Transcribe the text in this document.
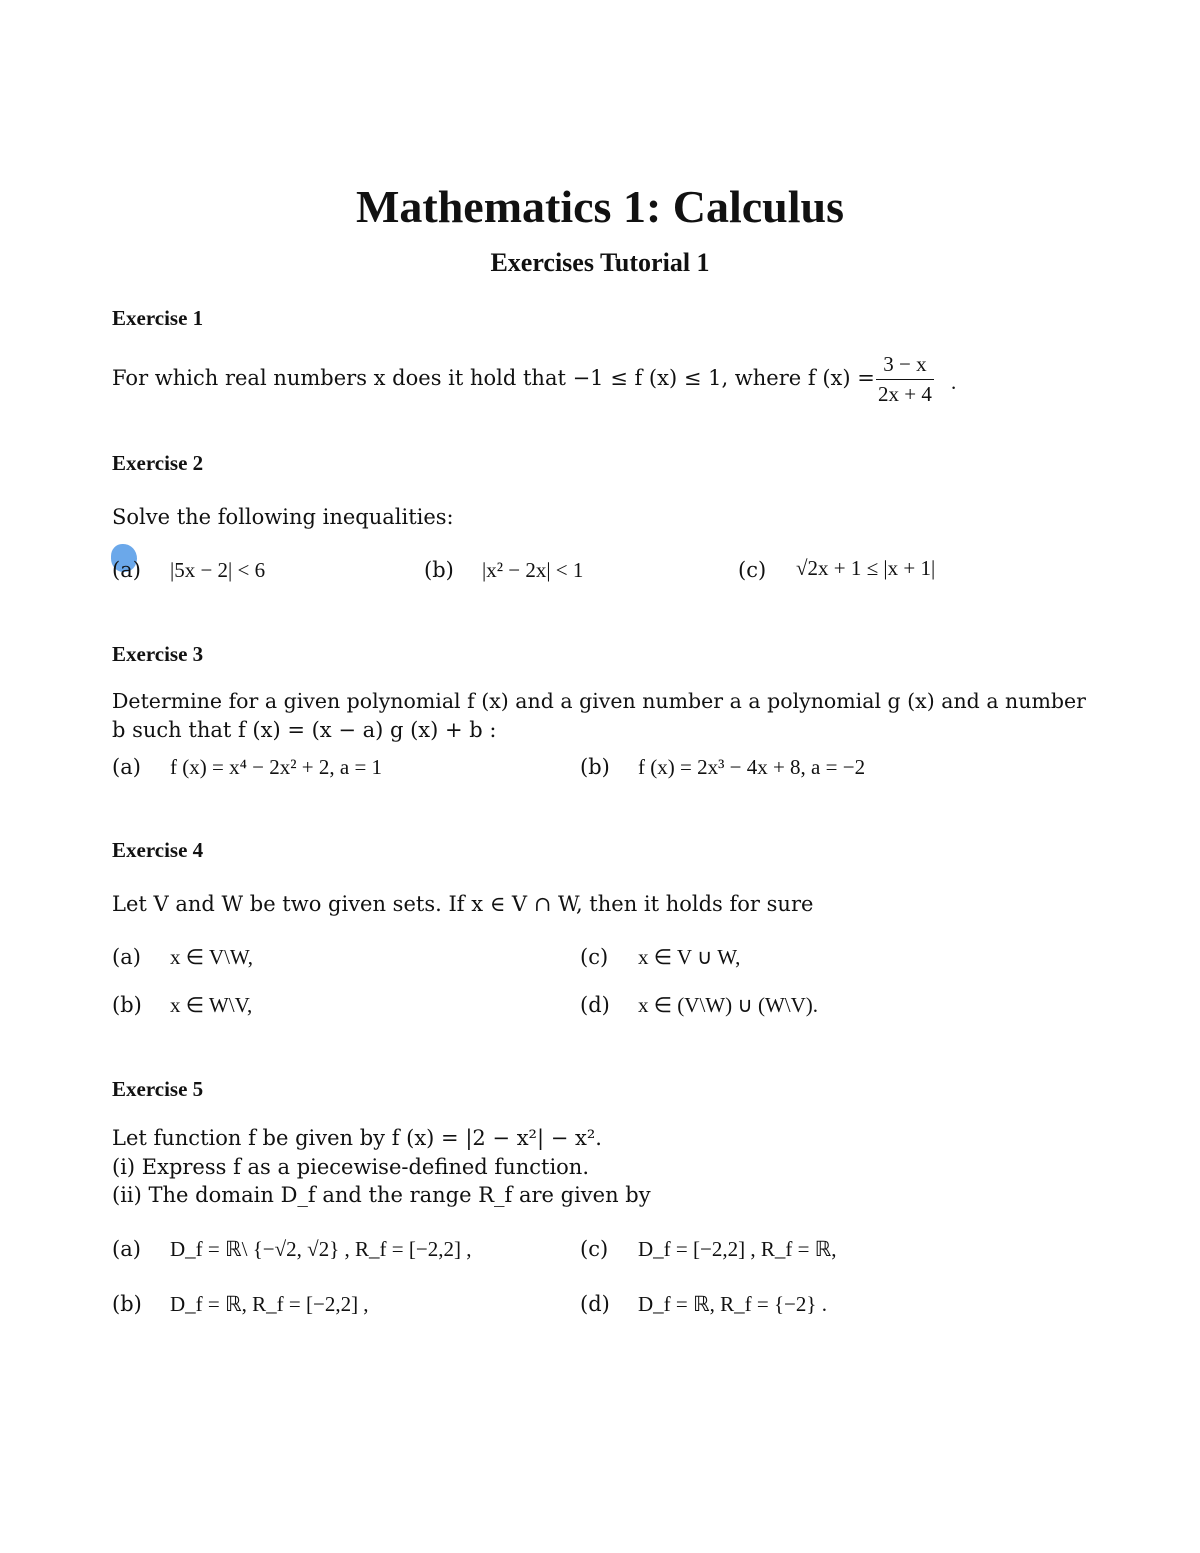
Mathematics 1: Calculus
Exercises Tutorial 1
Exercise 1
For which real numbers x does it hold that −1 ≤ f (x) ≤ 1, where f (x) =
3 − x
2x + 4 .
Exercise 2
Solve the following inequalities:
(a) |5x − 2| < 6	(b) |x² − 2x| < 1	(c) √2x + 1 ≤ |x + 1|
Exercise 3
Determine for a given polynomial f (x) and a given number a a polynomial g (x) and a number
b such that f (x) = (x − a) g (x) + b :
(a) f (x) = x⁴ − 2x² + 2, a = 1	(b) f (x) = 2x³ − 4x + 8, a = −2
Exercise 4
Let V and W be two given sets. If x ∈ V ∩ W, then it holds for sure
(a) x ∈ V\W,	(c) x ∈ V ∪ W,
(b) x ∈ W\V,	(d) x ∈ (V\W) ∪ (W\V).
Exercise 5
Let function f be given by f (x) = |2 − x²| − x².
(i) Express f as a piecewise-defined function.
(ii) The domain D_f and the range R_f are given by
(a) D_f = ℝ\ {−√2, √2} , R_f = [−2,2] ,	(c) D_f = [−2,2] , R_f = ℝ,
(b) D_f = ℝ, R_f = [−2,2] ,	(d) D_f = ℝ, R_f = {−2} .
